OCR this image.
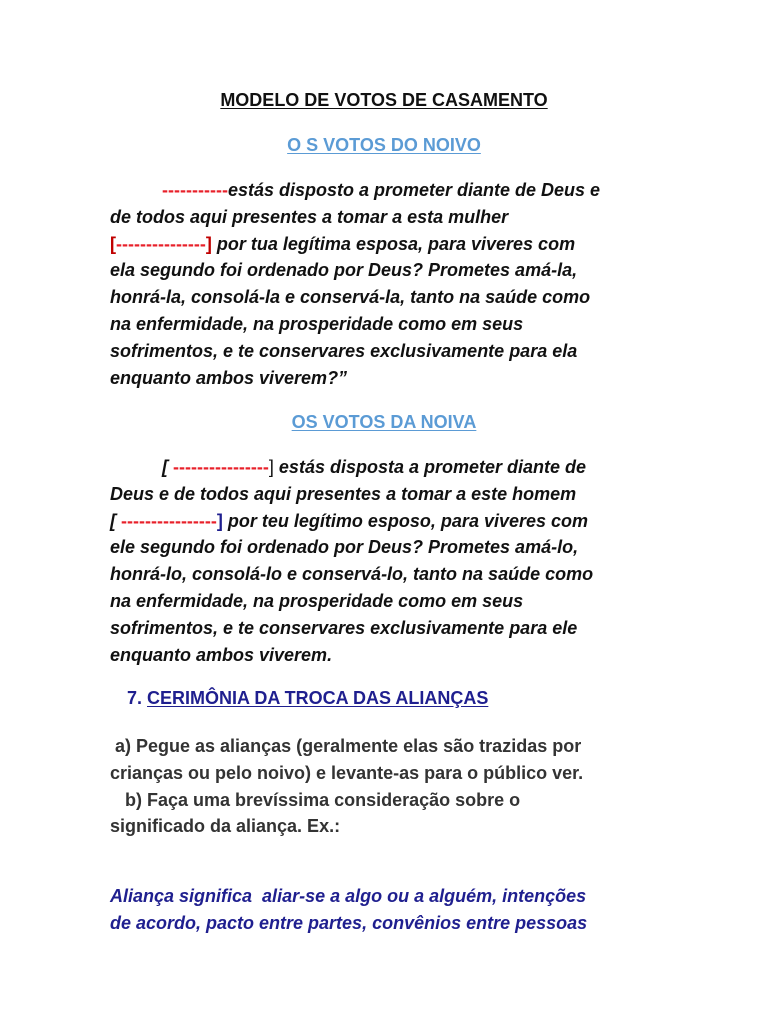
MODELO DE VOTOS DE CASAMENTO
O S VOTOS DO NOIVO
-----------estás disposto a prometer diante de Deus e
de todos aqui presentes a tomar a esta mulher
[---------------] por tua legítima esposa, para viveres com
ela segundo foi ordenado por Deus? Prometes amá-la,
honrá-la, consolá-la e conservá-la, tanto na saúde como
na enfermidade, na prosperidade como em seus
sofrimentos, e te conservares exclusivamente para ela
enquanto ambos viverem?”
OS VOTOS DA NOIVA
[ ----------------] estás disposta a prometer diante de
Deus e de todos aqui presentes a tomar a este homem
[ ----------------] por teu legítimo esposo, para viveres com
ele segundo foi ordenado por Deus? Prometes amá-lo,
honrá-lo, consolá-lo e conservá-lo, tanto na saúde como
na enfermidade, na prosperidade como em seus
sofrimentos, e te conservares exclusivamente para ele
enquanto ambos viverem.
7. CERIMÔNIA DA TROCA DAS ALIANÇAS
a) Pegue as alianças (geralmente elas são trazidas por
crianças ou pelo noivo) e levante-as para o público ver.
b) Faça uma brevíssima consideração sobre o
significado da aliança. Ex.:
Aliança significa  aliar-se a algo ou a alguém, intenções
de acordo, pacto entre partes, convênios entre pessoas
